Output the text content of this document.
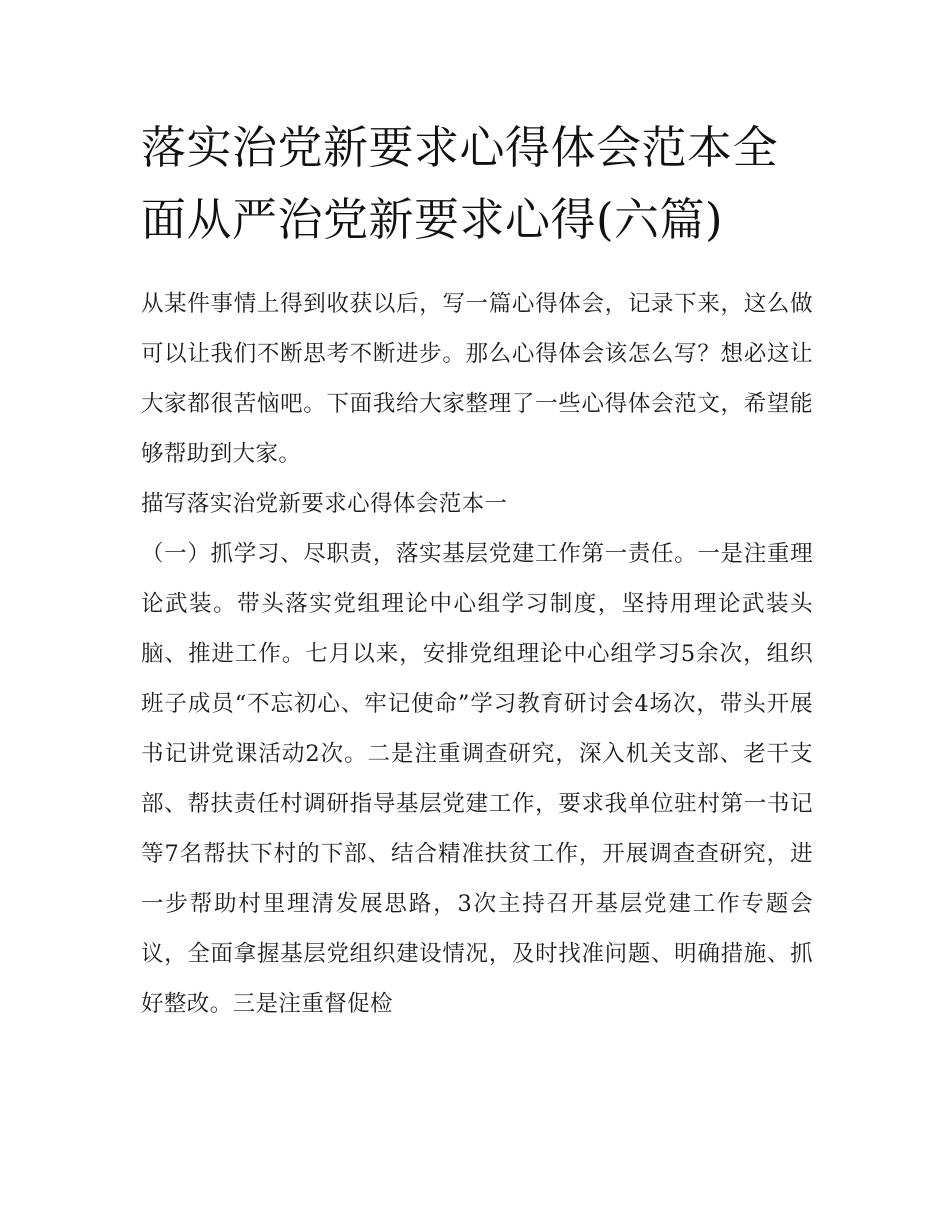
落实治党新要求心得体会范本全面从严治党新要求心得(六篇)

从某件事情上得到收获以后，写一篇心得体会，记录下来，这么做可以让我们不断思考不断进步。那么心得体会该怎么写？想必这让大家都很苦恼吧。下面我给大家整理了一些心得体会范文，希望能够帮助到大家。

描写落实治党新要求心得体会范本一

（一）抓学习、尽职责，落实基层党建工作第一责任。一是注重理论武装。带头落实党组理论中心组学习制度，坚持用理论武装头脑、推进工作。七月以来，安排党组理论中心组学习5余次，组织班子成员“不忘初心、牢记使命”学习教育研讨会4场次，带头开展书记讲党课活动2次。二是注重调查研究，深入机关支部、老干支部、帮扶责任村调研指导基层党建工作，要求我单位驻村第一书记等7名帮扶下村的下部、结合精准扶贫工作，开展调查查研究，进一步帮助村里理清发展思路，3次主持召开基层党建工作专题会议，全面拿握基层党组织建设情况，及时找准问题、明确措施、抓好整改。三是注重督促检
